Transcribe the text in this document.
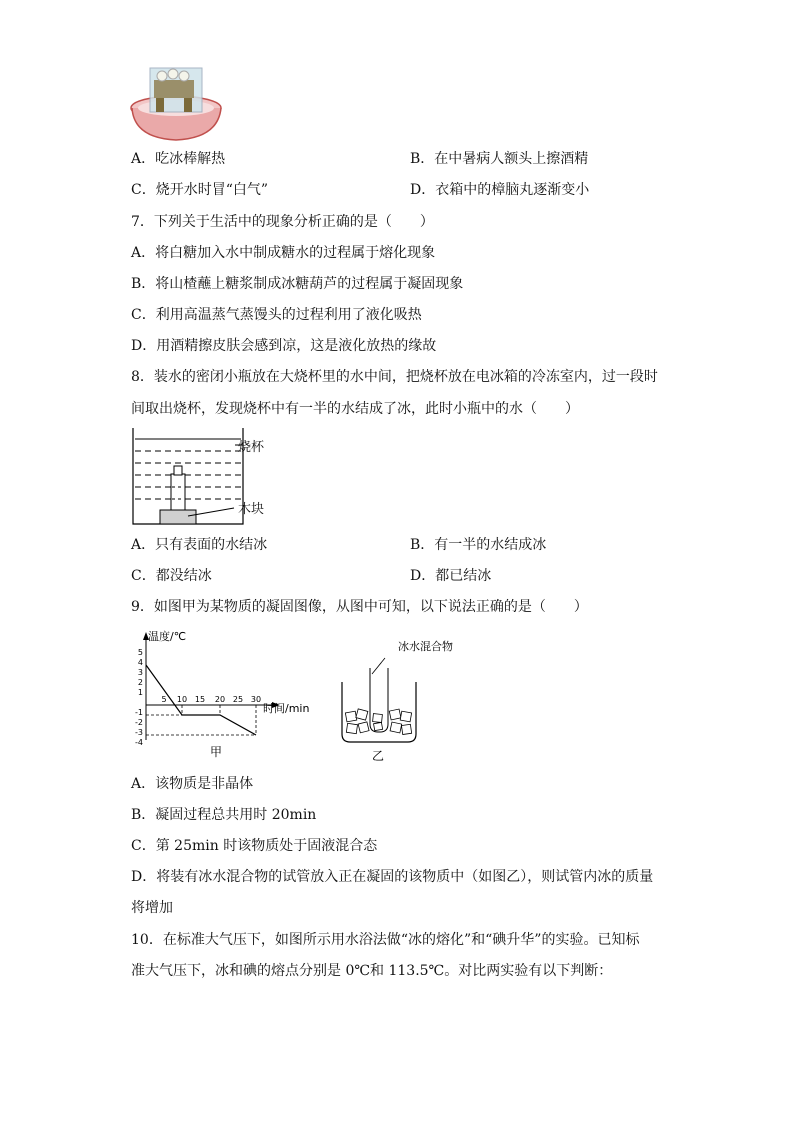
A．吃冰棒解热	B．在中暑病人额头上擦酒精
C．烧开水时冒“白气”	D．衣箱中的樟脑丸逐渐变小
7．下列关于生活中的现象分析正确的是（　　）
A．将白糖加入水中制成糖水的过程属于熔化现象
B．将山楂蘸上糖浆制成冰糖葫芦的过程属于凝固现象
C．利用高温蒸气蒸馒头的过程利用了液化吸热
D．用酒精擦皮肤会感到凉，这是液化放热的缘故
8．装水的密闭小瓶放在大烧杯里的水中间，把烧杯放在电冰箱的冷冻室内，过一段时
间取出烧杯，发现烧杯中有一半的水结成了冰，此时小瓶中的水（　　）
烧杯
木块
A．只有表面的水结冰	B．有一半的水结成冰
C．都没结冰	D．都已结冰
9．如图甲为某物质的凝固图像，从图中可知，以下说法正确的是（　　）
温度/℃
时间/min
5
4
3
2
1
-1
-2
-3
-4
5 10 15 20 25 30
甲
冰水混合物
乙
A．该物质是非晶体
B．凝固过程总共用时 20min
C．第 25min 时该物质处于固液混合态
D．将装有冰水混合物的试管放入正在凝固的该物质中（如图乙），则试管内冰的质量
将增加
10．在标准大气压下，如图所示用水浴法做“冰的熔化”和“碘升华”的实验。已知标
准大气压下，冰和碘的熔点分别是 0℃和 113.5℃。对比两实验有以下判断：
